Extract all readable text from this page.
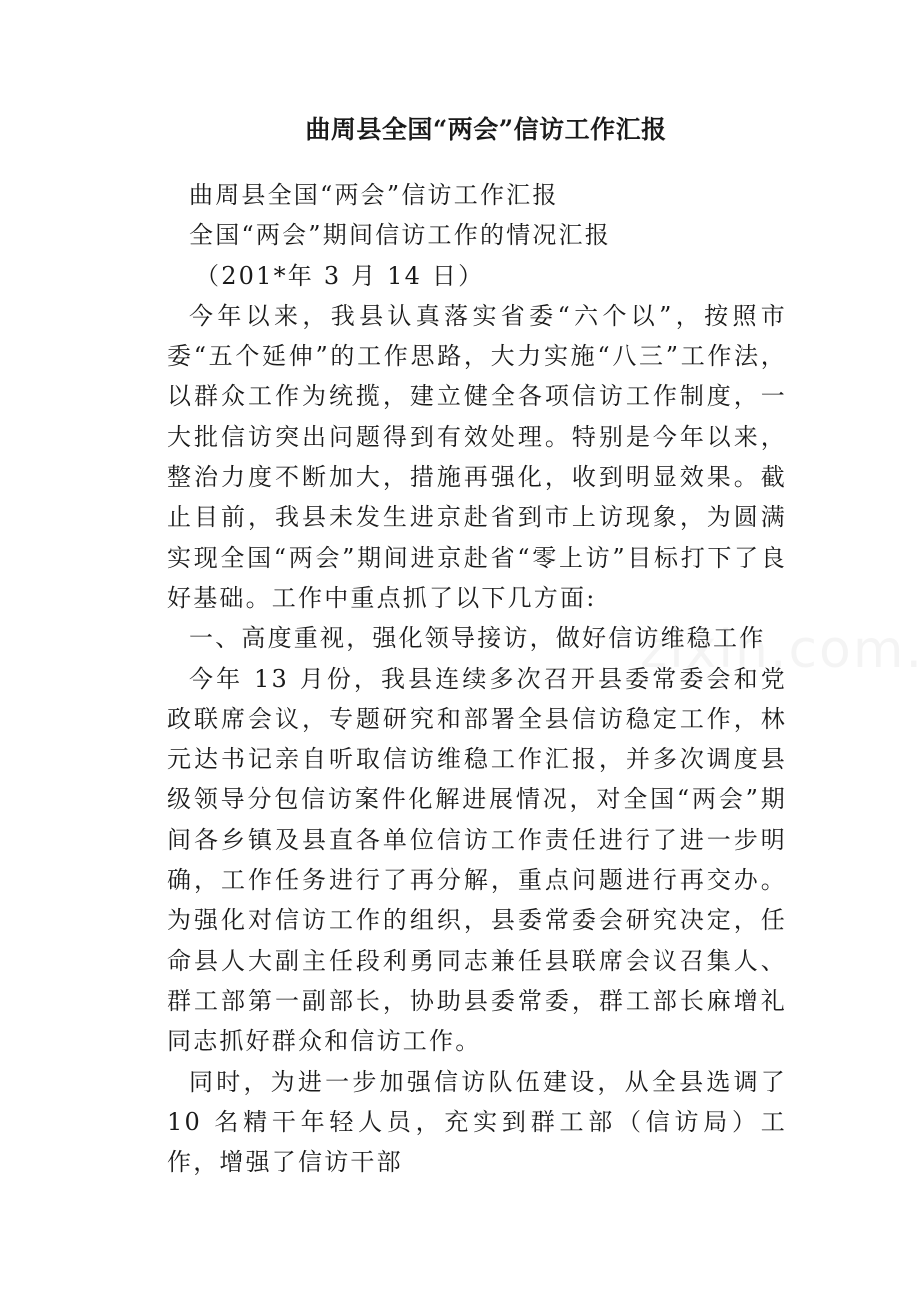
曲周县全国“两会”信访工作汇报

曲周县全国“两会”信访工作汇报

全国“两会”期间信访工作的情况汇报

（201*年 3 月 14 日）

今年以来，我县认真落实省委“六个以”，按照市委“五个延伸”的工作思路，大力实施“八三”工作法，以群众工作为统揽，建立健全各项信访工作制度，一大批信访突出问题得到有效处理。特别是今年以来，整治力度不断加大，措施再强化，收到明显效果。截止目前，我县未发生进京赴省到市上访现象，为圆满实现全国“两会”期间进京赴省“零上访”目标打下了良好基础。工作中重点抓了以下几方面:

一、高度重视，强化领导接访，做好信访维稳工作

今年 13 月份，我县连续多次召开县委常委会和党政联席会议，专题研究和部署全县信访稳定工作，林元达书记亲自听取信访维稳工作汇报，并多次调度县级领导分包信访案件化解进展情况，对全国“两会”期间各乡镇及县直各单位信访工作责任进行了进一步明确，工作任务进行了再分解，重点问题进行再交办。为强化对信访工作的组织，县委常委会研究决定，任命县人大副主任段利勇同志兼任县联席会议召集人、群工部第一副部长，协助县委常委，群工部长麻增礼同志抓好群众和信访工作。

同时，为进一步加强信访队伍建设，从全县选调了 10 名精干年轻人员，充实到群工部（信访局）工作，增强了信访干部
